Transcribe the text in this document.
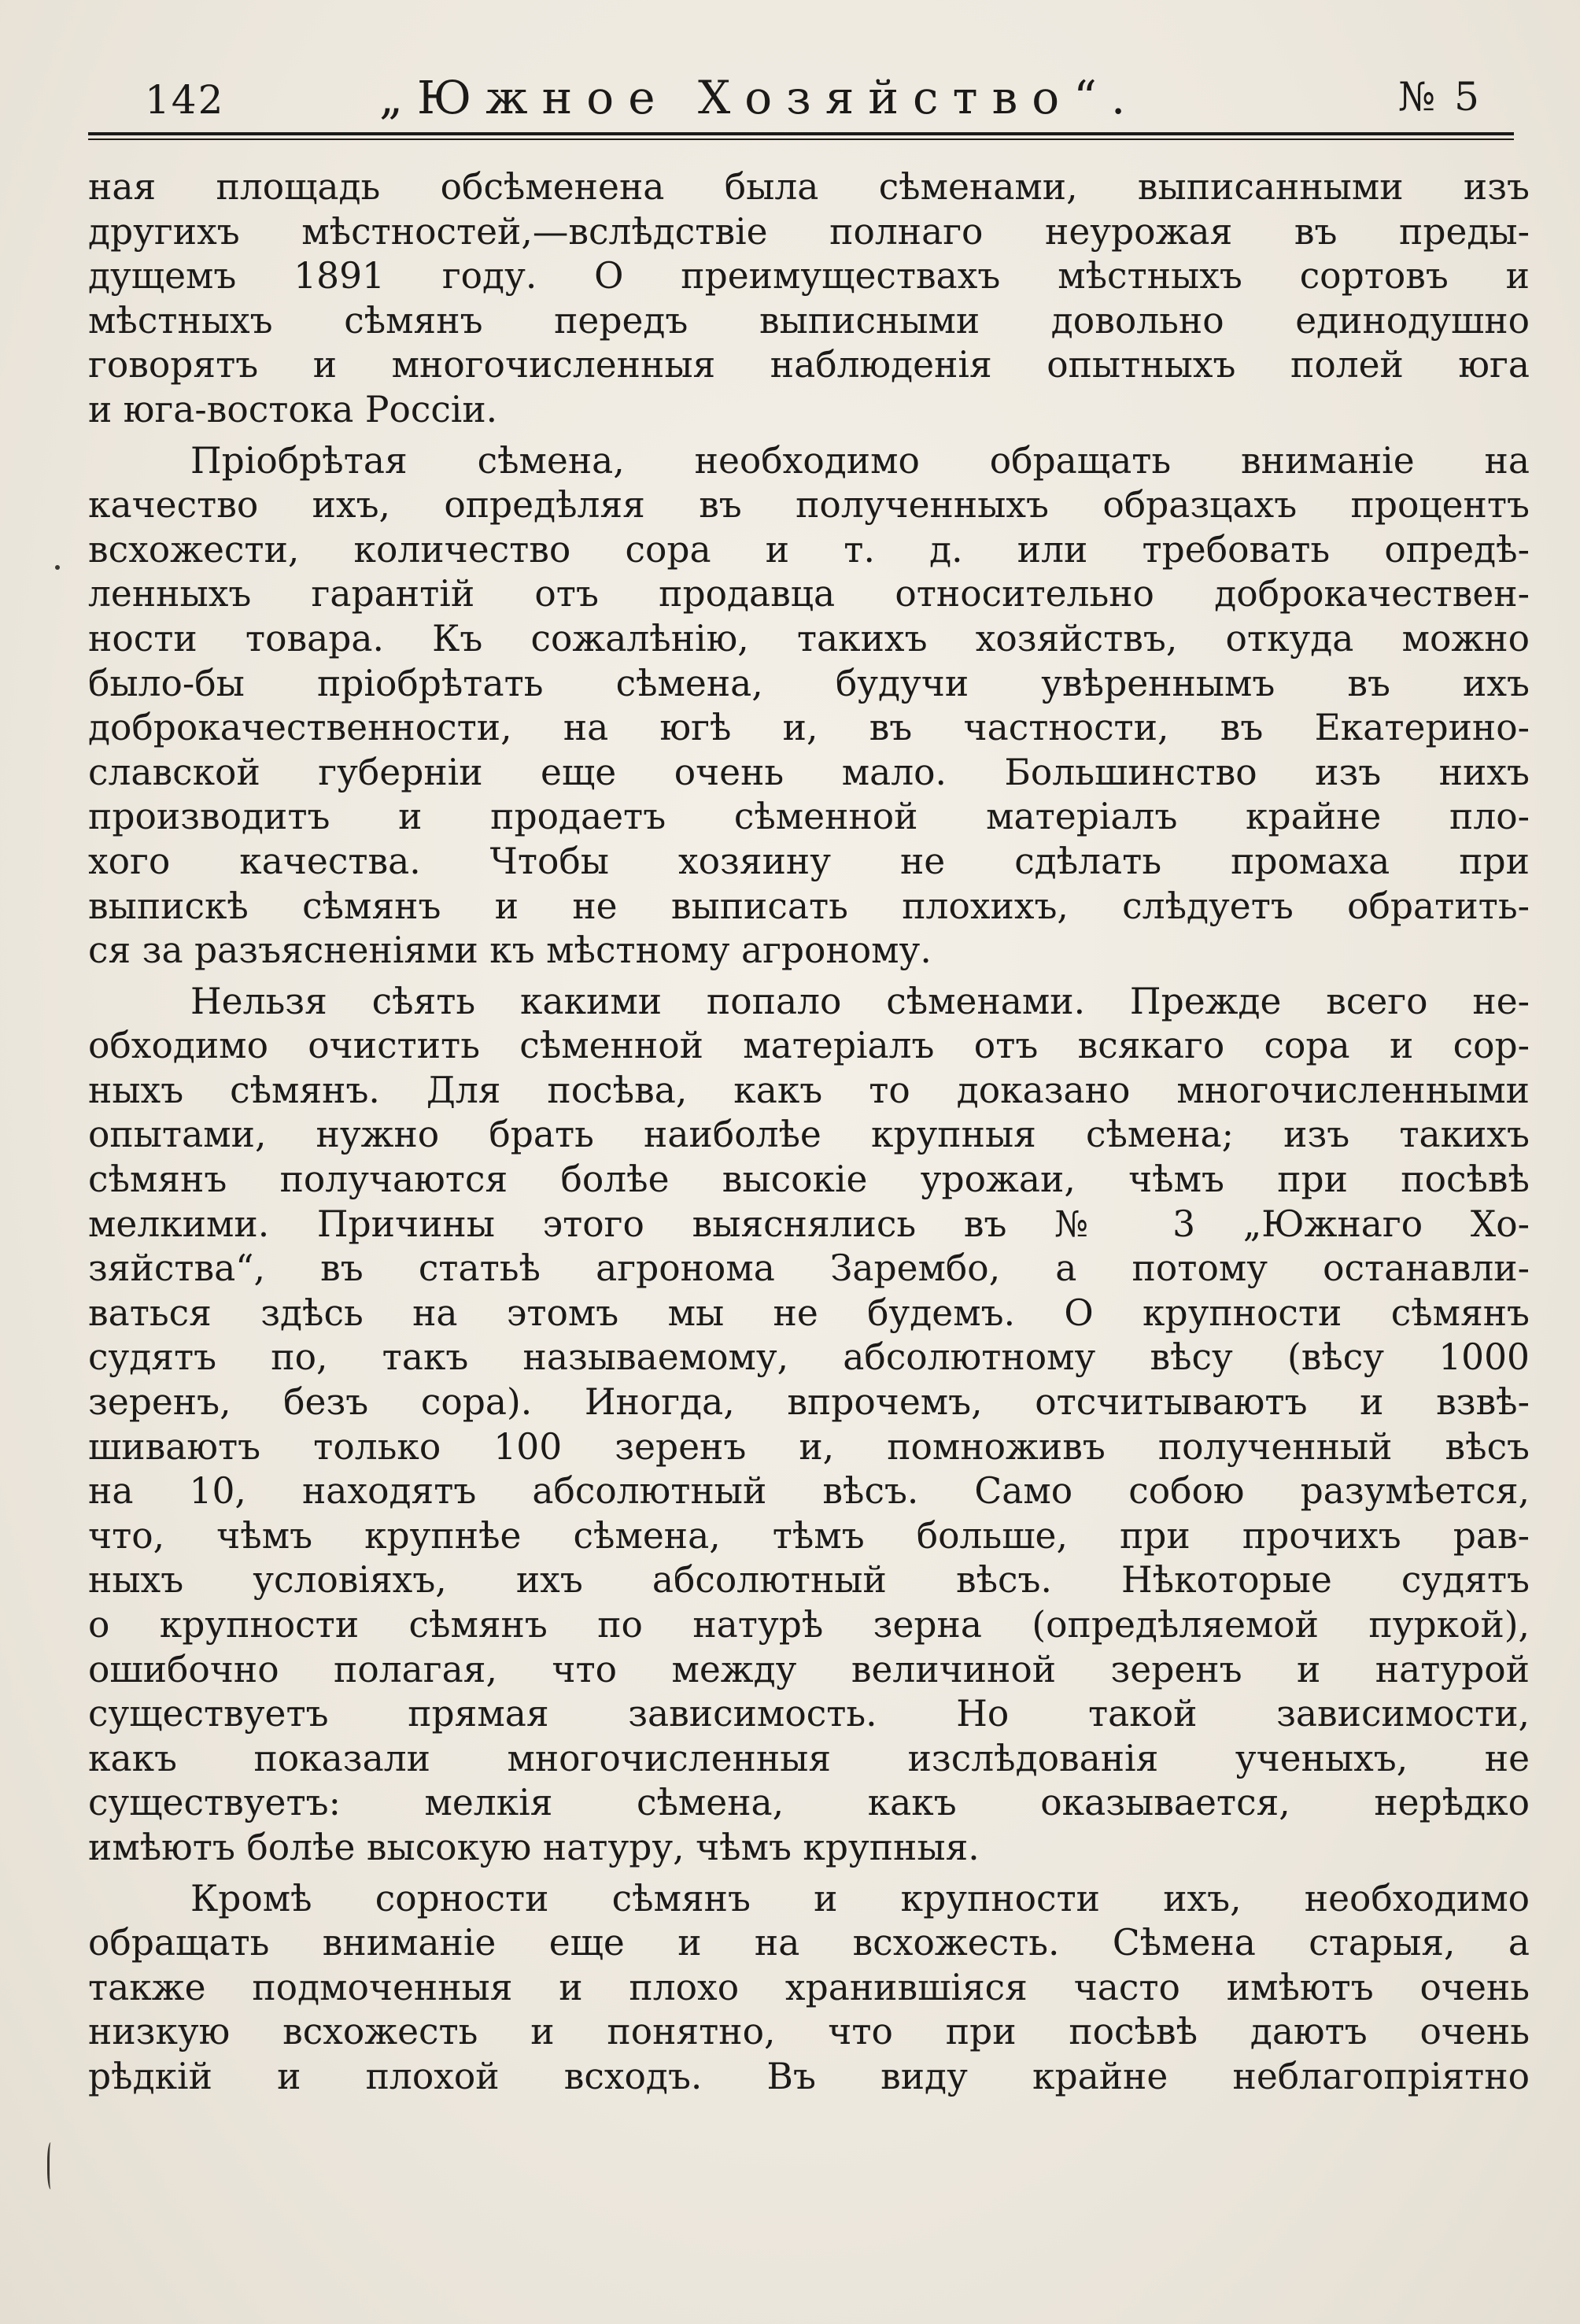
142	„Южное Хозяйство“.	№ 5
ная площадь обсѣменена была сѣменами, выписанными изъ
другихъ мѣстностей,—вслѣдствіе полнаго неурожая въ преды-
дущемъ 1891 году. О преимуществахъ мѣстныхъ сортовъ и
мѣстныхъ сѣмянъ передъ выписными довольно единодушно
говорятъ и многочисленныя наблюденія опытныхъ полей юга
и юга-востока Россіи.
Пріобрѣтая сѣмена, необходимо обращать вниманіе на
качество ихъ, опредѣляя въ полученныхъ образцахъ процентъ
всхожести, количество сора и т. д. или требовать опредѣ-
ленныхъ гарантій отъ продавца относительно доброкачествен-
ности товара. Къ сожалѣнію, такихъ хозяйствъ, откуда можно
было-бы пріобрѣтать сѣмена, будучи увѣреннымъ въ ихъ
доброкачественности, на югѣ и, въ частности, въ Екатерино-
славской губерніи еще очень мало. Большинство изъ нихъ
производитъ и продаетъ сѣменной матеріалъ крайне пло-
хого качества. Чтобы хозяину не сдѣлать промаха при
выпискѣ сѣмянъ и не выписать плохихъ, слѣдуетъ обратить-
ся за разъясненіями къ мѣстному агроному.
Нельзя сѣять какими попало сѣменами. Прежде всего не-
обходимо очистить сѣменной матеріалъ отъ всякаго сора и сор-
ныхъ сѣмянъ. Для посѣва, какъ то доказано многочисленными
опытами, нужно брать наиболѣе крупныя сѣмена; изъ такихъ
сѣмянъ получаются болѣе высокіе урожаи, чѣмъ при посѣвѣ
мелкими. Причины этого выяснялись въ № 3 „Южнаго Хо-
зяйства“, въ статьѣ агронома Зарембо, а потому останавли-
ваться здѣсь на этомъ мы не будемъ. О крупности сѣмянъ
судятъ по, такъ называемому, абсолютному вѣсу (вѣсу 1000
зеренъ, безъ сора). Иногда, впрочемъ, отсчитываютъ и взвѣ-
шиваютъ только 100 зеренъ и, помноживъ полученный вѣсъ
на 10, находятъ абсолютный вѣсъ. Само собою разумѣется,
что, чѣмъ крупнѣе сѣмена, тѣмъ больше, при прочихъ рав-
ныхъ условіяхъ, ихъ абсолютный вѣсъ. Нѣкоторые судятъ
о крупности сѣмянъ по натурѣ зерна (опредѣляемой пуркой),
ошибочно полагая, что между величиной зеренъ и натурой
существуетъ прямая зависимость. Но такой зависимости,
какъ показали многочисленныя изслѣдованія ученыхъ, не
существуетъ: мелкія сѣмена, какъ оказывается, нерѣдко
имѣютъ болѣе высокую натуру, чѣмъ крупныя.
Кромѣ сорности сѣмянъ и крупности ихъ, необходимо
обращать вниманіе еще и на всхожесть. Сѣмена старыя, а
также подмоченныя и плохо хранившіяся часто имѣютъ очень
низкую всхожесть и понятно, что при посѣвѣ даютъ очень
рѣдкій и плохой всходъ. Въ виду крайне неблагопріятно
